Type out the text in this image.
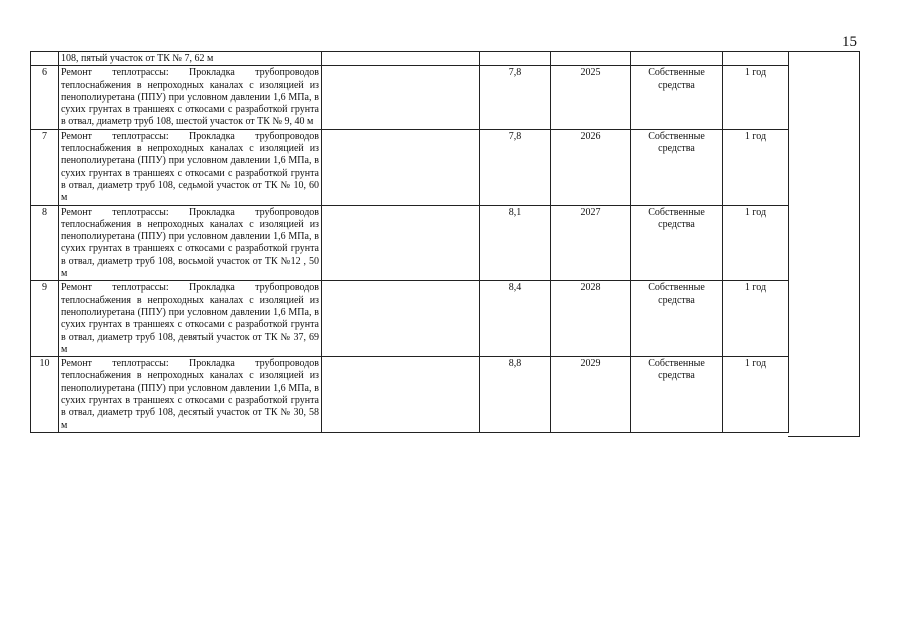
15
	108, пятый участок от ТК № 7, 62 м					
6	Ремонт теплотрассы: Прокладка трубопроводов теплоснабжения в непроходных каналах с изоляцией из пенополиуретана (ППУ) при условном давлении 1,6 МПа, в сухих грунтах в траншеях с откосами с разработкой грунта в отвал, диаметр труб 108, шестой участок от ТК № 9, 40 м		7,8	2025	Собственные средства	1 год
7	Ремонт теплотрассы: Прокладка трубопроводов теплоснабжения в непроходных каналах с изоляцией из пенополиуретана (ППУ) при условном давлении 1,6 МПа, в сухих грунтах в траншеях с откосами с разработкой грунта в отвал, диаметр труб 108, седьмой участок от ТК № 10, 60 м		7,8	2026	Собственные средства	1 год
8	Ремонт теплотрассы: Прокладка трубопроводов теплоснабжения в непроходных каналах с изоляцией из пенополиуретана (ППУ) при условном давлении 1,6 МПа, в сухих грунтах в траншеях с откосами с разработкой грунта в отвал, диаметр труб 108, восьмой участок от ТК №12 , 50 м		8,1	2027	Собственные средства	1 год
9	Ремонт теплотрассы: Прокладка трубопроводов теплоснабжения в непроходных каналах с изоляцией из пенополиуретана (ППУ) при условном давлении 1,6 МПа, в сухих грунтах в траншеях с откосами с разработкой грунта в отвал, диаметр труб 108, девятый участок от ТК № 37, 69 м		8,4	2028	Собственные средства	1 год
10	Ремонт теплотрассы: Прокладка трубопроводов теплоснабжения в непроходных каналах с изоляцией из пенополиуретана (ППУ) при условном давлении 1,6 МПа, в сухих грунтах в траншеях с откосами с разработкой грунта в отвал, диаметр труб 108, десятый участок от ТК № 30, 58 м		8,8	2029	Собственные средства	1 год
